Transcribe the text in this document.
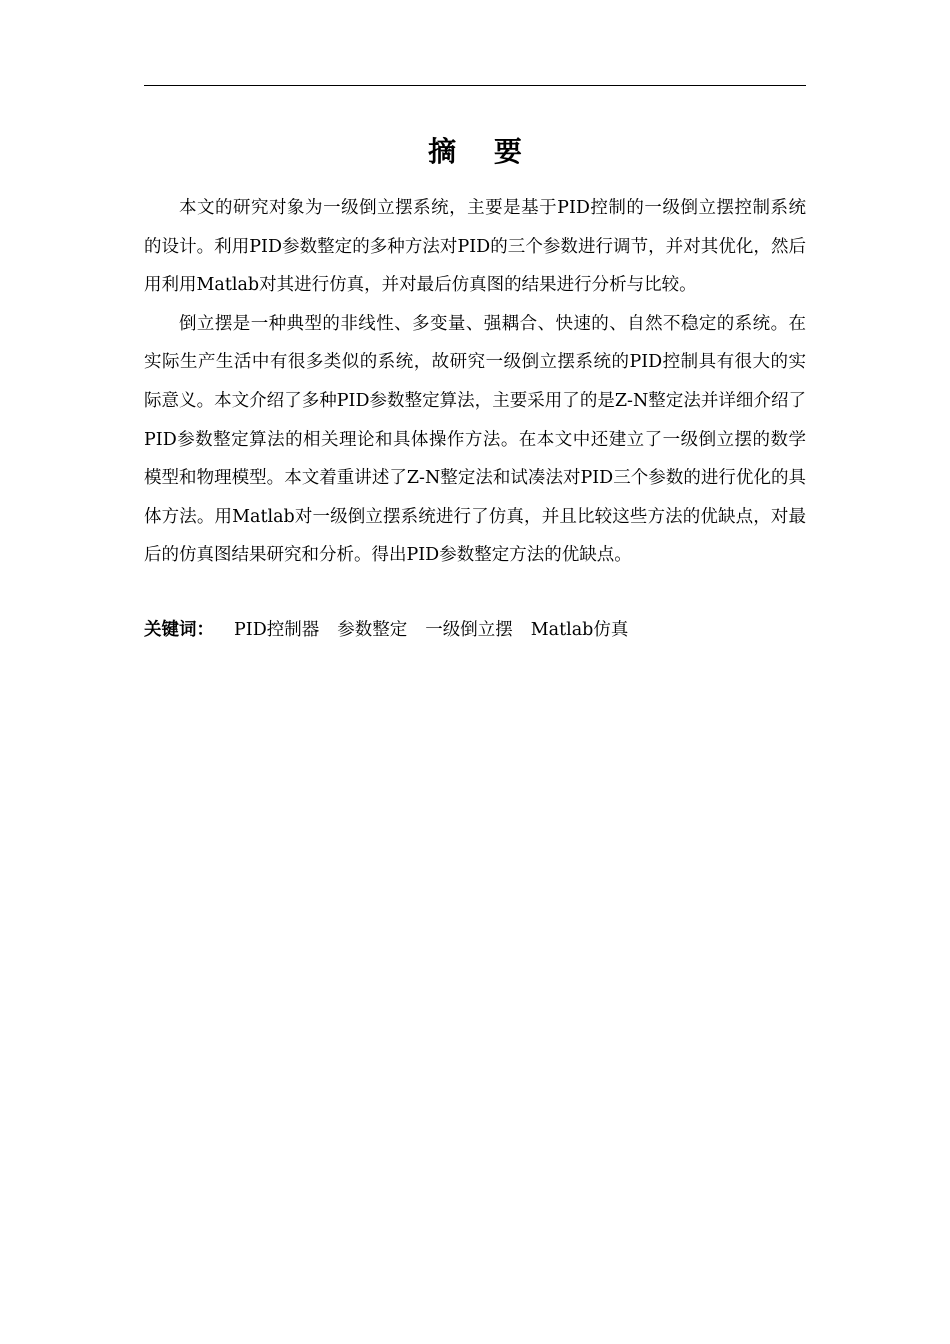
摘 要

本文的研究对象为一级倒立摆系统，主要是基于PID控制的一级倒立摆控制系统的设计。利用PID参数整定的多种方法对PID的三个参数进行调节，并对其优化，然后用利用Matlab对其进行仿真，并对最后仿真图的结果进行分析与比较。

倒立摆是一种典型的非线性、多变量、强耦合、快速的、自然不稳定的系统。在实际生产生活中有很多类似的系统，故研究一级倒立摆系统的PID控制具有很大的实际意义。本文介绍了多种PID参数整定算法，主要采用了的是Z-N整定法并详细介绍了PID参数整定算法的相关理论和具体操作方法。在本文中还建立了一级倒立摆的数学模型和物理模型。本文着重讲述了Z-N整定法和试凑法对PID三个参数的进行优化的具体方法。用Matlab对一级倒立摆系统进行了仿真，并且比较这些方法的优缺点，对最后的仿真图结果研究和分析。得出PID参数整定方法的优缺点。

关键词： PID控制器 参数整定 一级倒立摆 Matlab仿真
